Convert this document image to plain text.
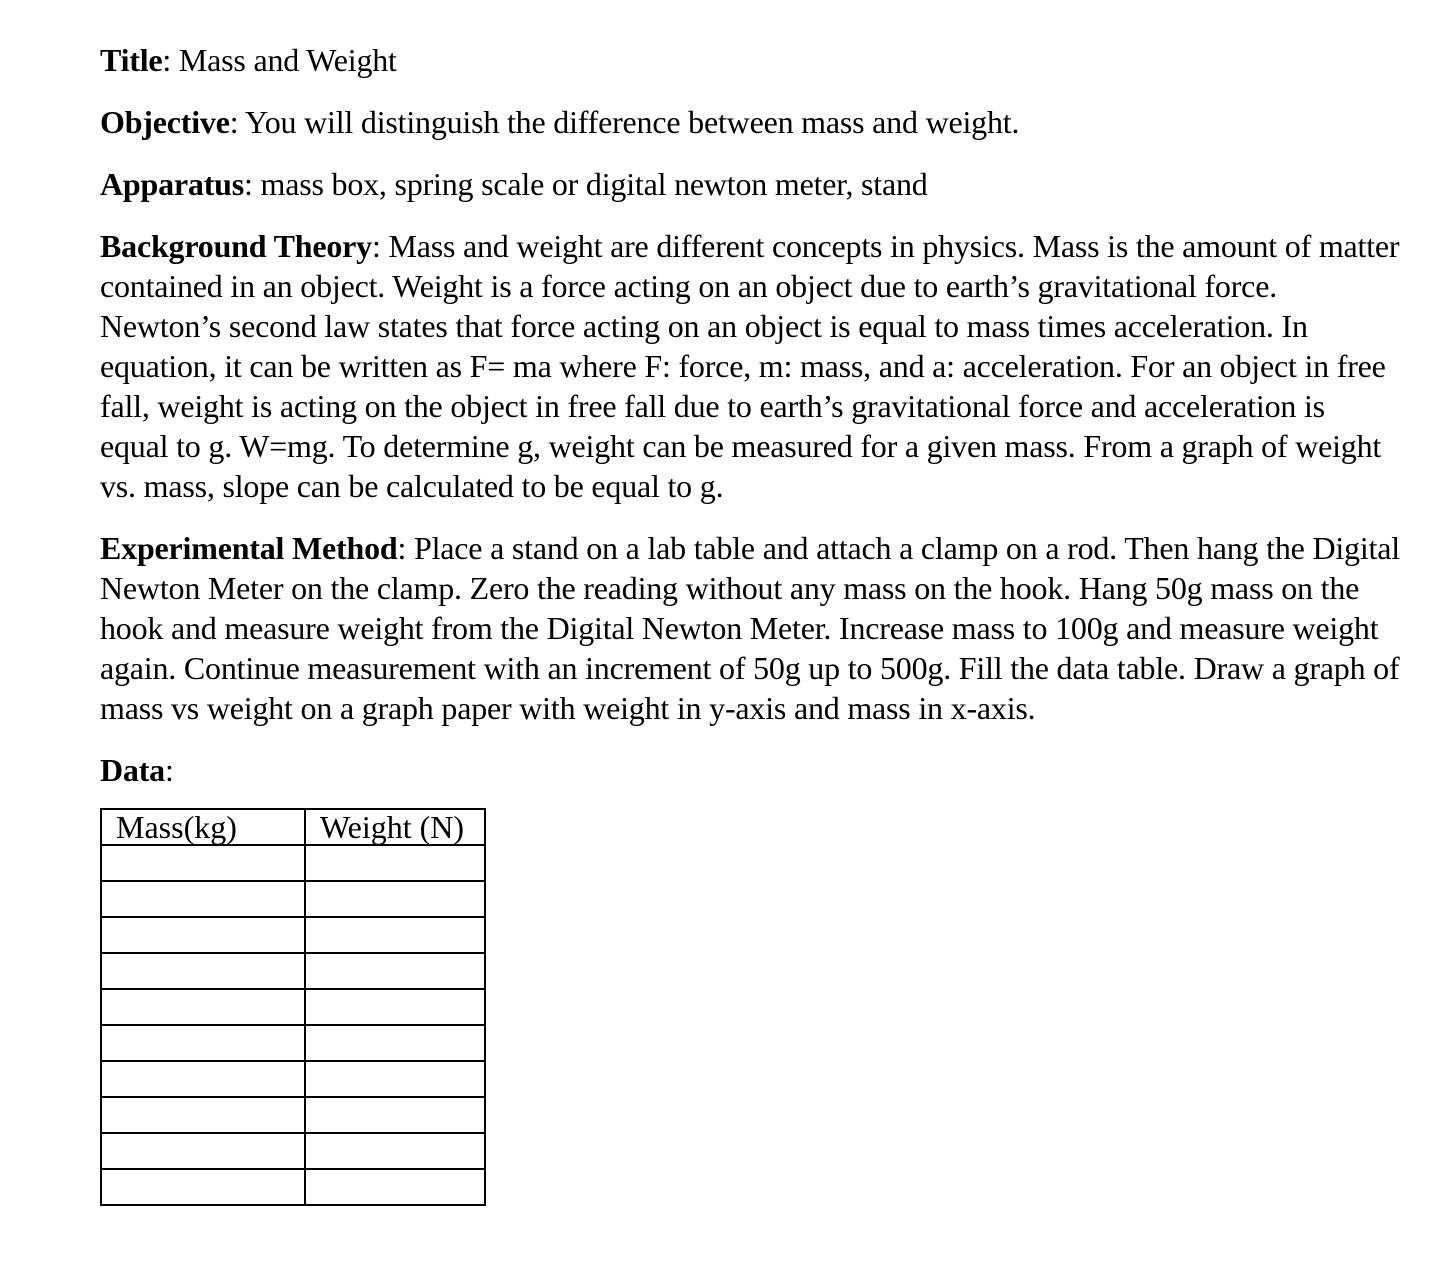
Title: Mass and Weight

Objective: You will distinguish the difference between mass and weight.

Apparatus: mass box, spring scale or digital newton meter, stand

Background Theory: Mass and weight are different concepts in physics. Mass is the amount of matter contained in an object. Weight is a force acting on an object due to earth’s gravitational force. Newton’s second law states that force acting on an object is equal to mass times acceleration. In equation, it can be written as F= ma where F: force, m: mass, and a: acceleration. For an object in free fall, weight is acting on the object in free fall due to earth’s gravitational force and acceleration is equal to g. W=mg. To determine g, weight can be measured for a given mass. From a graph of weight vs. mass, slope can be calculated to be equal to g.

Experimental Method: Place a stand on a lab table and attach a clamp on a rod. Then hang the Digital Newton Meter on the clamp. Zero the reading without any mass on the hook. Hang 50g mass on the hook and measure weight from the Digital Newton Meter. Increase mass to 100g and measure weight again. Continue measurement with an increment of 50g up to 500g. Fill the data table. Draw a graph of mass vs weight on a graph paper with weight in y-axis and mass in x-axis.

Data:

Mass(kg)	Weight (N)
